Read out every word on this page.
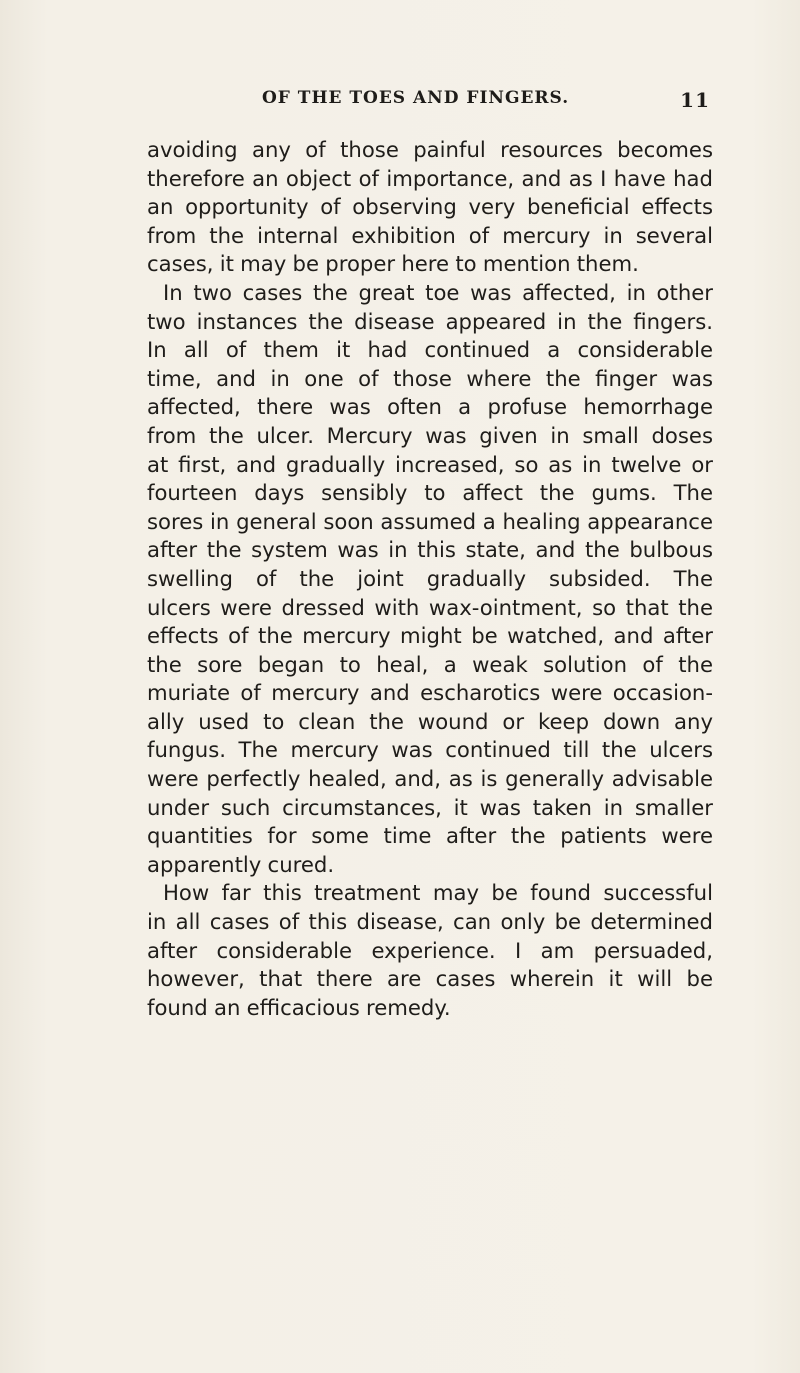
OF THE TOES AND FINGERS.	11
avoiding any of those painful resources becomes
therefore an object of importance, and as I have had
an opportunity of observing very beneficial effects
from the internal exhibition of mercury in several
cases, it may be proper here to mention them.
In two cases the great toe was affected, in other
two instances the disease appeared in the fingers.
In all of them it had continued a considerable
time, and in one of those where the finger was
affected, there was often a profuse hemorrhage
from the ulcer. Mercury was given in small doses
at first, and gradually increased, so as in twelve or
fourteen days sensibly to affect the gums. The
sores in general soon assumed a healing appearance
after the system was in this state, and the bulbous
swelling of the joint gradually subsided. The
ulcers were dressed with wax-ointment, so that the
effects of the mercury might be watched, and after
the sore began to heal, a weak solution of the
muriate of mercury and escharotics were occasion-
ally used to clean the wound or keep down any
fungus. The mercury was continued till the ulcers
were perfectly healed, and, as is generally advisable
under such circumstances, it was taken in smaller
quantities for some time after the patients were
apparently cured.
How far this treatment may be found successful
in all cases of this disease, can only be determined
after considerable experience. I am persuaded,
however, that there are cases wherein it will be
found an efficacious remedy.
